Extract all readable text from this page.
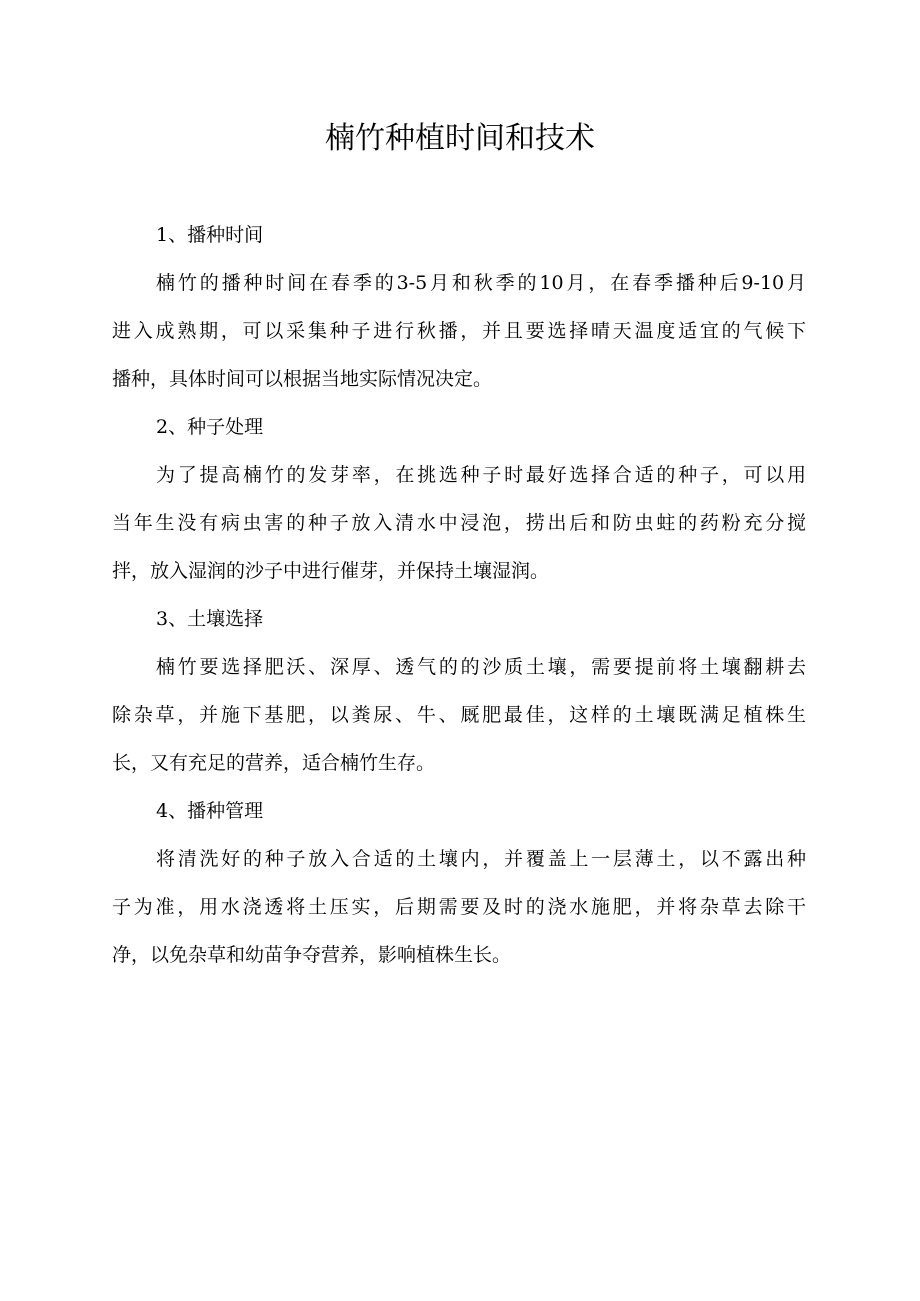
楠竹种植时间和技术
1、播种时间

楠竹的播种时间在春季的3-5月和秋季的10月，在春季播种后9-10月
进入成熟期，可以采集种子进行秋播，并且要选择晴天温度适宜的气候下
播种，具体时间可以根据当地实际情况决定。

2、种子处理

为了提高楠竹的发芽率，在挑选种子时最好选择合适的种子，可以用
当年生没有病虫害的种子放入清水中浸泡，捞出后和防虫蛀的药粉充分搅
拌，放入湿润的沙子中进行催芽，并保持土壤湿润。

3、土壤选择

楠竹要选择肥沃、深厚、透气的的沙质土壤，需要提前将土壤翻耕去
除杂草，并施下基肥，以粪尿、牛、厩肥最佳，这样的土壤既满足植株生
长，又有充足的营养，适合楠竹生存。

4、播种管理

将清洗好的种子放入合适的土壤内，并覆盖上一层薄土，以不露出种
子为准，用水浇透将土压实，后期需要及时的浇水施肥，并将杂草去除干
净，以免杂草和幼苗争夺营养，影响植株生长。
